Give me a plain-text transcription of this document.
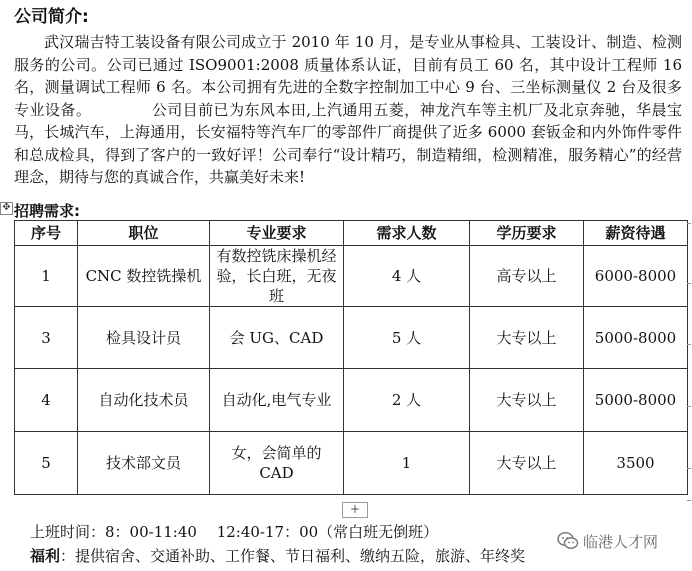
公司简介:

武汉瑞吉特工装设备有限公司成立于 2010 年 10 月，是专业从事检具、工装设计、制造、检测服务的公司。公司已通过 ISO9001:2008 质量体系认证，目前有员工 60 名，其中设计工程师 16 名，测量调试工程师 6 名。本公司拥有先进的全数字控制加工中心 9 台、三坐标测量仪 2 台及很多专业设备。	公司目前已为东风本田,上汽通用五菱，神龙汽车等主机厂及北京奔驰，华晨宝马，长城汽车，上海通用，长安福特等汽车厂的零部件厂商提供了近多 6000 套钣金和内外饰件零件和总成检具，得到了客户的一致好评！公司奉行“设计精巧，制造精细，检测精准，服务精心”的经营理念，期待与您的真诚合作，共赢美好未来!

✥ 招聘需求:
序号	职位	专业要求	需求人数	学历要求	薪资待遇
1	CNC 数控铣操机	有数控铣床操机经验，长白班，无夜班	4 人	高专以上	6000-8000
3	检具设计员	会 UG、CAD	5 人	大专以上	5000-8000
4	自动化技术员	自动化,电气专业	2 人	大专以上	5000-8000
5	技术部文员	女，会简单的 CAD	1	大专以上	3500
+
上班时间：8：00-11:40　 12:40-17：00（常白班无倒班）
福利：提供宿舍、交通补助、工作餐、节日福利、缴纳五险，旅游、年终奖
临港人才网
